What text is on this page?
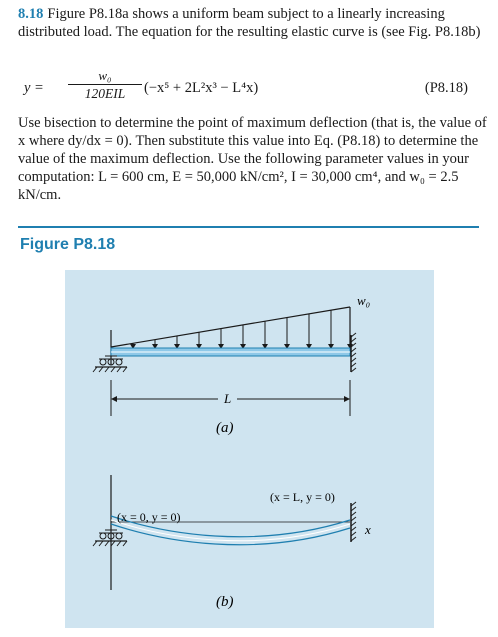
8.18 Figure P8.18a shows a uniform beam subject to a linearly increasing distributed load. The equation for the resulting elastic curve is (see Fig. P8.18b)
y =
w₀
120EIL	(−x⁵ + 2L²x³ − L⁴x)	(P8.18)
Use bisection to determine the point of maximum deflection (that is, the value of x where dy/dx = 0). Then substitute this value into Eq. (P8.18) to determine the value of the maximum deflection. Use the following parameter values in your computation: L = 600 cm, E = 50,000 kN/cm², I = 30,000 cm⁴, and w₀ = 2.5 kN/cm.
Figure P8.18
w₀
L
(a)
(x = 0, y = 0)
(x = L, y = 0)
x
(b)
